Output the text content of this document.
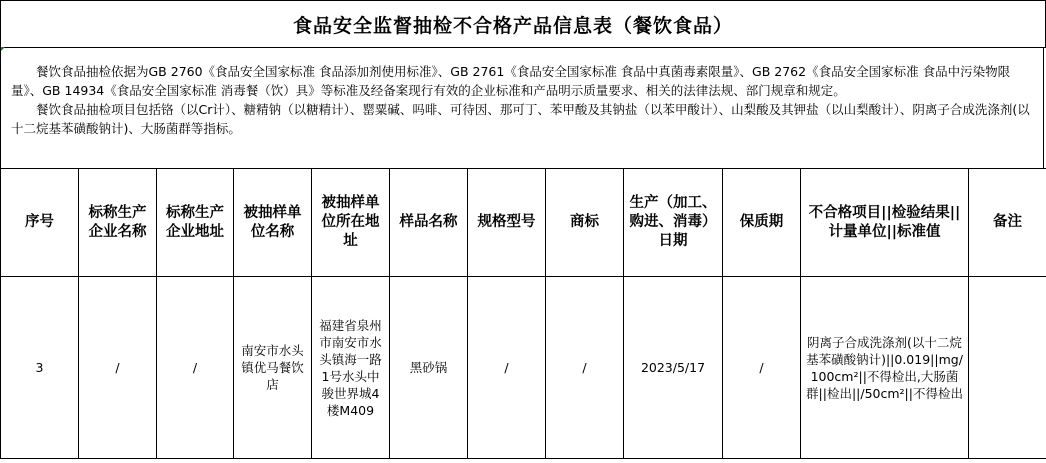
食品安全监督抽检不合格产品信息表（餐饮食品）

餐饮食品抽检依据为GB 2760《食品安全国家标准 食品添加剂使用标准》、GB 2761《食品安全国家标准 食品中真菌毒素限量》、GB 2762《食品安全国家标准 食品中污染物限量》、GB 14934《食品安全国家标准 消毒餐（饮）具》等标准及经备案现行有效的企业标准和产品明示质量要求、相关的法律法规、部门规章和规定。

餐饮食品抽检项目包括铬（以Cr计）、糖精钠（以糖精计）、罂粟碱、吗啡、可待因、那可丁、苯甲酸及其钠盐（以苯甲酸计）、山梨酸及其钾盐（以山梨酸计）、阴离子合成洗涤剂(以十二烷基苯磺酸钠计)、大肠菌群等指标。

序号	标称生产企业名称	标称生产企业地址	被抽样单位名称	被抽样单位所在地址	样品名称	规格型号	商标	生产（加工、购进、消毒）日期	保质期	不合格项目||检验结果||计量单位||标准值	备注
3	/	/	南安市水头镇优马餐饮店	福建省泉州市南安市水头镇海一路1号水头中骏世界城4楼M409	黑砂锅	/	/	2023/5/17	/	阴离子合成洗涤剂(以十二烷基苯磺酸钠计)||0.019||mg/100cm²||不得检出,大肠菌群||检出||/50cm²||不得检出	
